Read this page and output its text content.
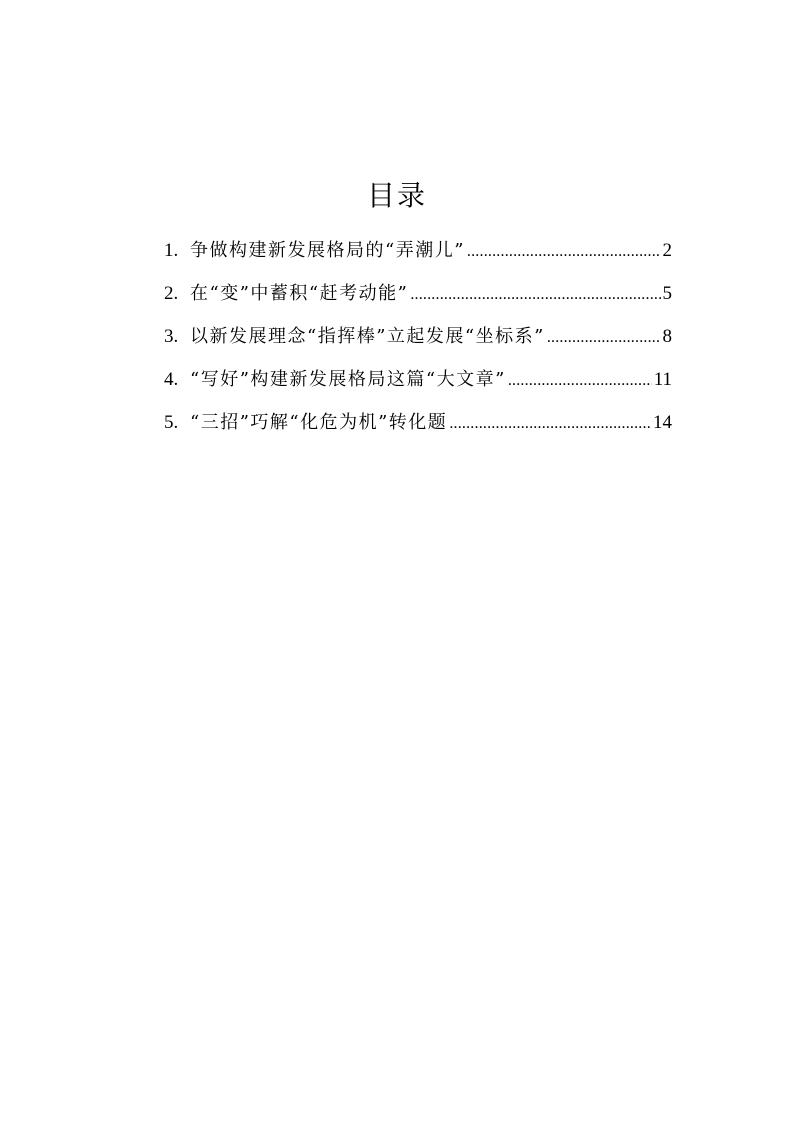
目录
1. 争做构建新发展格局的“弄潮儿” .....	2
2. 在“变”中蓄积“赶考动能” .....	5
3. 以新发展理念“指挥棒”立起发展“坐标系” .....	8
4. “写好”构建新发展格局这篇“大文章” .....	11
5. “三招”巧解“化危为机”转化题 .....	14
